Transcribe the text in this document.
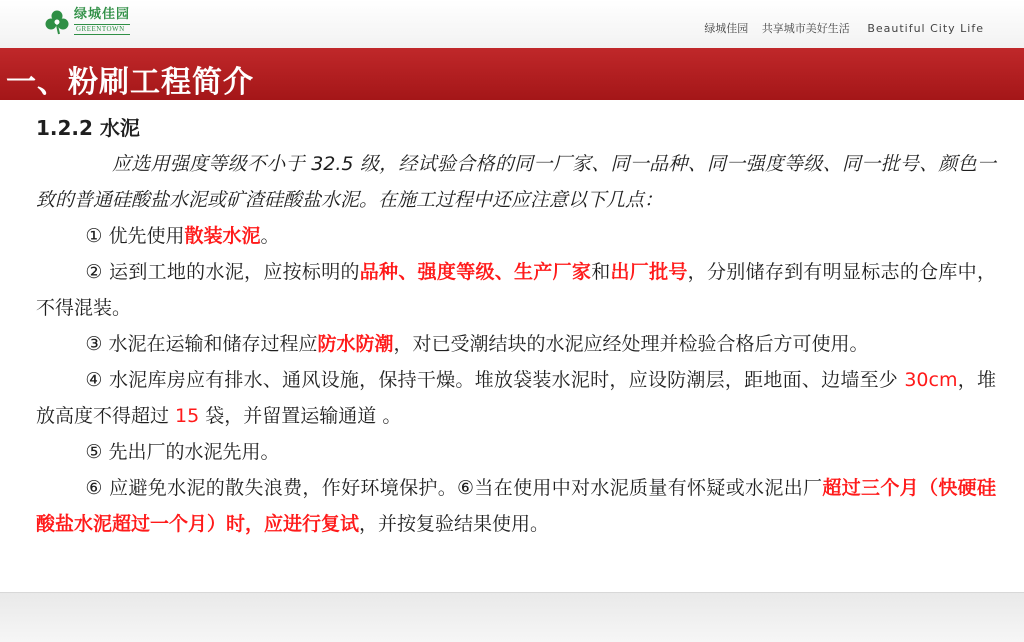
绿城佳园
GREENTOWN	绿城佳园 共享城市美好生活 Beautiful City Life
一、粉刷工程简介
1.2.2 水泥

应选用强度等级不小于 32.5 级，经试验合格的同一厂家、同一品种、同一强度等级、同一批号、颜色一致的普通硅酸盐水泥或矿渣硅酸盐水泥。在施工过程中还应注意以下几点：

① 优先使用散装水泥。

② 运到工地的水泥，应按标明的品种、强度等级、生产厂家和出厂批号，分别储存到有明显标志的仓库中，不得混装。

③ 水泥在运输和储存过程应防水防潮，对已受潮结块的水泥应经处理并检验合格后方可使用。

④ 水泥库房应有排水、通风设施，保持干燥。堆放袋装水泥时，应设防潮层，距地面、边墙至少 30cm，堆放高度不得超过 15 袋，并留置运输通道 。

⑤ 先出厂的水泥先用。

⑥ 应避免水泥的散失浪费，作好环境保护。⑥当在使用中对水泥质量有怀疑或水泥出厂超过三个月（快硬硅酸盐水泥超过一个月）时，应进行复试，并按复验结果使用。
